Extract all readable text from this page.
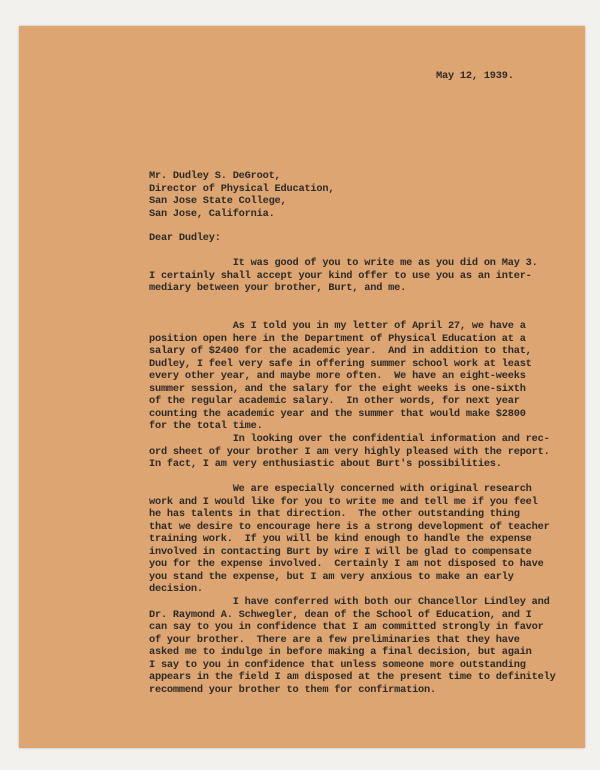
May 12, 1939.

Mr. Dudley S. DeGroot,
Director of Physical Education,
San Jose State College,
San Jose, California.

Dear Dudley:

It was good of you to write me as you did on May 3.
I certainly shall accept your kind offer to use you as an inter-
mediary between your brother, Burt, and me.

As I told you in my letter of April 27, we have a
position open here in the Department of Physical Education at a
salary of $2400 for the academic year.  And in addition to that,
Dudley, I feel very safe in offering summer school work at least
every other year, and maybe more often.  We have an eight-weeks
summer session, and the salary for the eight weeks is one-sixth
of the regular academic salary.  In other words, for next year
counting the academic year and the summer that would make $2800
for the total time.

In looking over the confidential information and rec-
ord sheet of your brother I am very highly pleased with the report.
In fact, I am very enthusiastic about Burt's possibilities.

We are especially concerned with original research
work and I would like for you to write me and tell me if you feel
he has talents in that direction.  The other outstanding thing
that we desire to encourage here is a strong development of teacher
training work.  If you will be kind enough to handle the expense
involved in contacting Burt by wire I will be glad to compensate
you for the expense involved.  Certainly I am not disposed to have
you stand the expense, but I am very anxious to make an early
decision.

I have conferred with both our Chancellor Lindley and
Dr. Raymond A. Schwegler, dean of the School of Education, and I
can say to you in confidence that I am committed strongly in favor
of your brother.  There are a few preliminaries that they have
asked me to indulge in before making a final decision, but again
I say to you in confidence that unless someone more outstanding
appears in the field I am disposed at the present time to definitely
recommend your brother to them for confirmation.
